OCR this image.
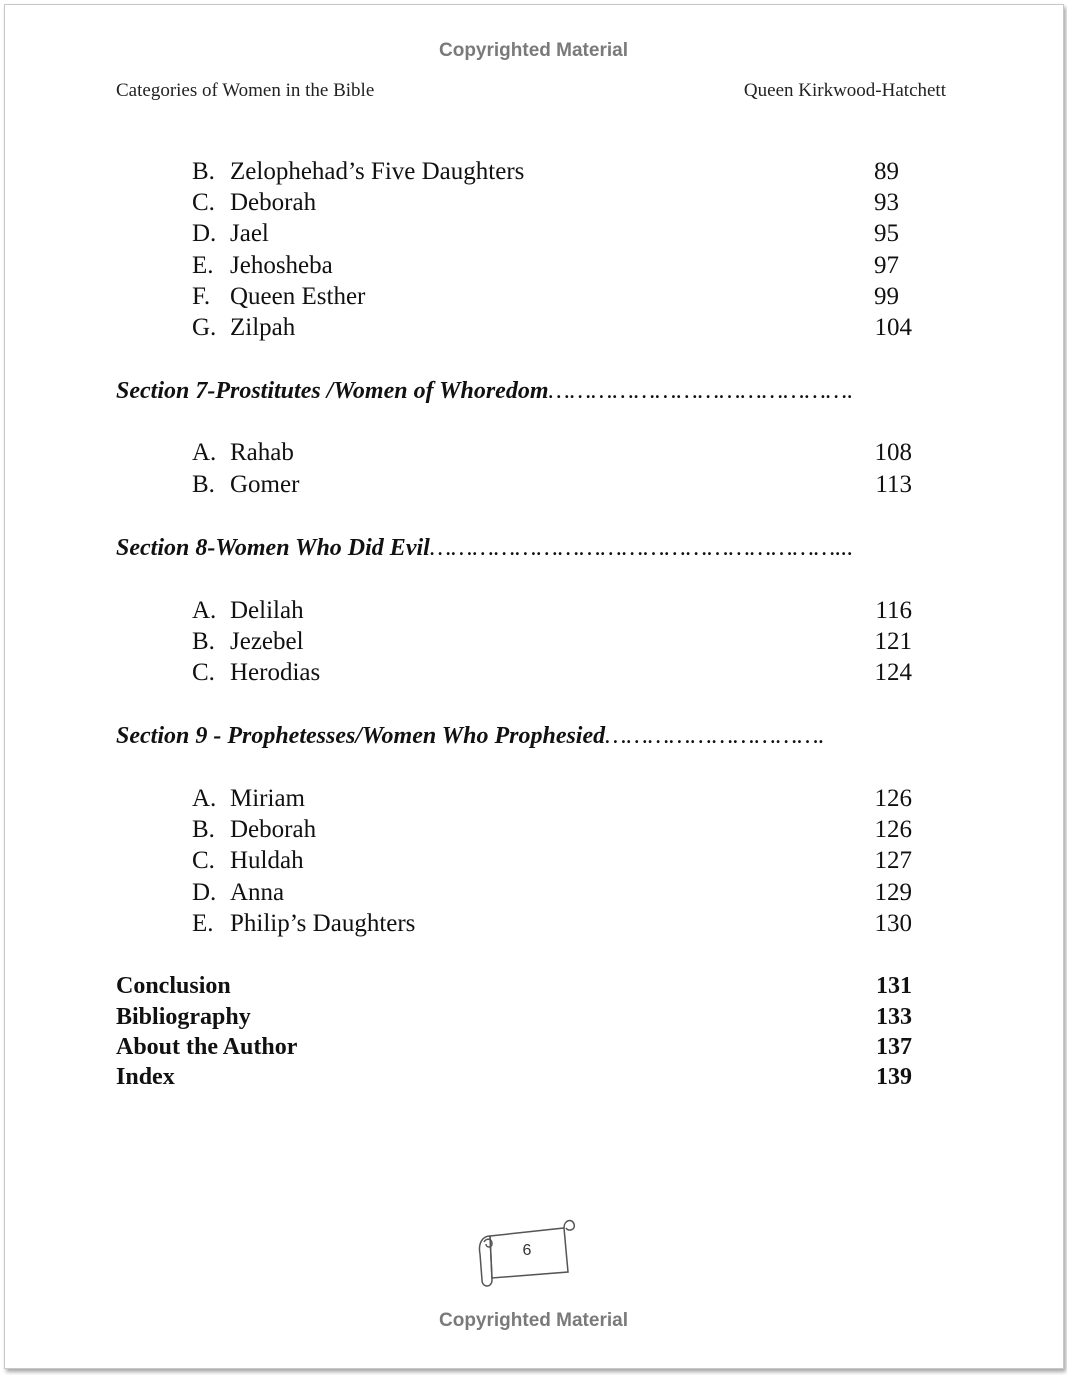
Copyrighted Material
Categories of Women in the Bible	Queen Kirkwood-Hatchett
B. Zelophehad’s Five Daughters	89
C. Deborah	93
D. Jael	95
E. Jehosheba	97
F. Queen Esther	99
G. Zilpah	104
Section 7-Prostitutes /Women of Whoredom…………………………………….
A. Rahab	108
B. Gomer	113
Section 8-Women Who Did Evil…………………………………………………...
A. Delilah	116
B. Jezebel	121
C. Herodias	124
Section 9 - Prophetesses/Women Who Prophesied………………………….
A. Miriam	126
B. Deborah	126
C. Huldah	127
D. Anna	129
E. Philip’s Daughters	130
Conclusion	131
Bibliography	133
About the Author	137
Index	139
6
Copyrighted Material
